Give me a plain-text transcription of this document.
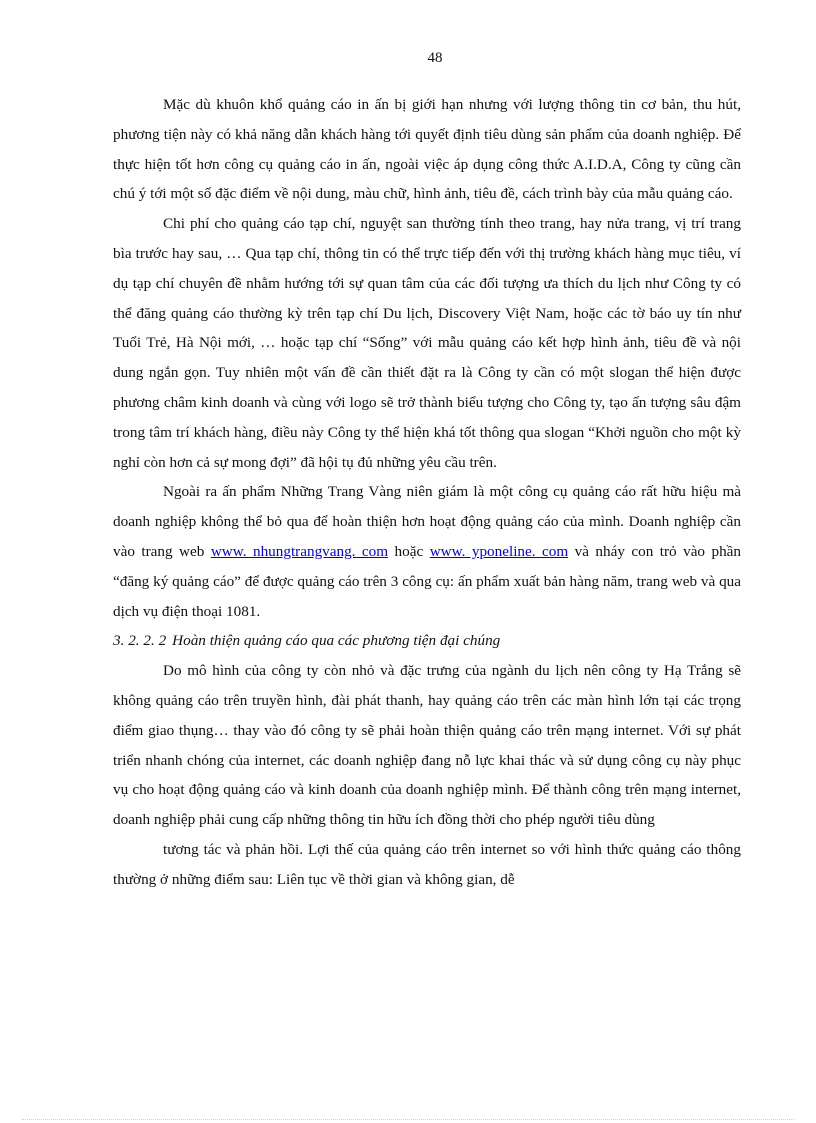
48

Mặc dù khuôn khổ quảng cáo in ấn bị giới hạn nhưng với lượng thông tin cơ bản, thu hút, phương tiện này có khả năng dẫn khách hàng tới quyết định tiêu dùng sản phẩm của doanh nghiệp. Để thực hiện tốt hơn công cụ quảng cáo in ấn, ngoài việc áp dụng công thức A.I.D.A, Công ty cũng cần chú ý tới một số đặc điểm về nội dung, màu chữ, hình ảnh, tiêu đề, cách trình bày của mẫu quảng cáo.

Chi phí cho quảng cáo tạp chí, nguyệt san thường tính theo trang, hay nửa trang, vị trí trang bìa trước hay sau, … Qua tạp chí, thông tin có thể trực tiếp đến với thị trường khách hàng mục tiêu, ví dụ tạp chí chuyên đề nhằm hướng tới sự quan tâm của các đối tượng ưa thích du lịch như Công ty có thể đăng quảng cáo thường kỳ trên tạp chí Du lịch, Discovery Việt Nam, hoặc các tờ báo uy tín như Tuổi Trẻ, Hà Nội mới, … hoặc tạp chí “Sống” với mẫu quảng cáo kết hợp hình ảnh, tiêu đề và nội dung ngắn gọn. Tuy nhiên một vấn đề cần thiết đặt ra là Công ty cần có một slogan thể hiện được phương châm kinh doanh và cùng với logo sẽ trở thành biểu tượng cho Công ty, tạo ấn tượng sâu đậm trong tâm trí khách hàng, điều này Công ty thể hiện khá tốt thông qua slogan “Khởi nguồn cho một kỳ nghỉ còn hơn cả sự mong đợi” đã hội tụ đủ những yêu cầu trên.

Ngoài ra ấn phẩm Những Trang Vàng niên giám là một công cụ quảng cáo rất hữu hiệu mà doanh nghiệp không thể bỏ qua để hoàn thiện hơn hoạt động quảng cáo của mình. Doanh nghiệp cần vào trang web www. nhungtrangvang. com hoặc www. yponeline. com và nháy con trỏ vào phần “đăng ký quảng cáo” để được quảng cáo trên 3 công cụ: ấn phẩm xuất bản hàng năm, trang web và qua dịch vụ điện thoại 1081.

3. 2. 2. 2 Hoàn thiện quảng cáo qua các phương tiện đại chúng

Do mô hình của công ty còn nhỏ và đặc trưng của ngành du lịch nên công ty Hạ Trắng sẽ không quảng cáo trên truyền hình, đài phát thanh, hay quảng cáo trên các màn hình lớn tại các trọng điểm giao thụng… thay vào đó công ty sẽ phải hoàn thiện quảng cáo trên mạng internet. Với sự phát triển nhanh chóng của internet, các doanh nghiệp đang nỗ lực khai thác và sử dụng công cụ này phục vụ cho hoạt động quảng cáo và kinh doanh của doanh nghiệp mình. Để thành công trên mạng internet, doanh nghiệp phải cung cấp những thông tin hữu ích đồng thời cho phép người tiêu dùng

tương tác và phản hồi. Lợi thế của quảng cáo trên internet so với hình thức quảng cáo thông thường ở những điểm sau: Liên tục về thời gian và không gian, dễ
